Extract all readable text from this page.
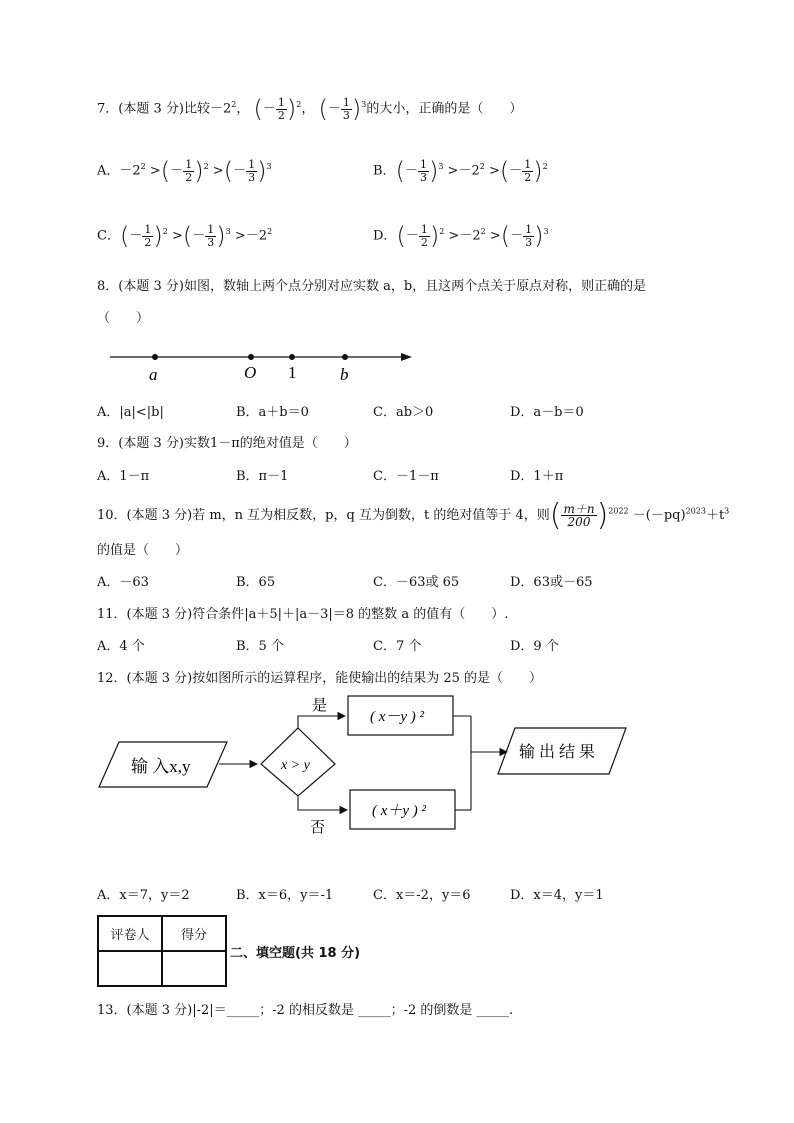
7．(本题 3 分)比较$-2^2$， (－ $\frac{1}{2} )^2$， (－ $\frac{1}{3} )^3$的大小，正确的是（　　）
A．$-2^2$ >(－ $\frac{1}{2} )^2$ >(－ $\frac{1}{3} )^3$	B．(－ $\frac{1}{3} )^3 >-2^2$ >(－ $\frac{1}{2} )^2$
C．(－ $\frac{1}{2} )^2$ >(－ $\frac{1}{3} )^3 >-2^2$	D．(－ $\frac{1}{2} )^2 >-2^2$ >(－ $\frac{1}{3} )^3$
8．(本题 3 分)如图，数轴上两个点分别对应实数 a，b，且这两个点关于原点对称，则正确的是
（　　）
a	O 1	b
A．|a|<|b|	B．a＋b＝0	C．ab＞0	D．a－b＝0
9．(本题 3 分)实数1－π的绝对值是（　　）
A．1－π	B．π－1	C．－1－π	D．1＋π
10．(本题 3 分)若 m，n 互为相反数，p，q 互为倒数，t 的绝对值等于 4，则( $\frac{m+n}{200} )^{2022} -(-pq)^{2023}+t^3$
的值是（　　）
A．－63	B．65	C．－63或 65	D．63或－65
11．(本题 3 分)符合条件|a＋5|＋|a－3|＝8 的整数 a 的值有（　　）.
A．4 个	B．5 个	C．7 个	D．9 个
12．(本题 3 分)按如图所示的运算程序，能使输出的结果为 25 的是（　　）
输 入x,y	x > y
是
( x－y ) ²
否
( x＋y ) ²
输 出 结 果
A．x＝7，y＝2	B．x＝6，y＝-1	C．x＝-2，y＝6	D．x＝4，y＝1
评卷人	得分

二、填空题(共 18 分)
13．(本题 3 分)|-2|＝_____；-2 的相反数是 _____；-2 的倒数是 _____.
